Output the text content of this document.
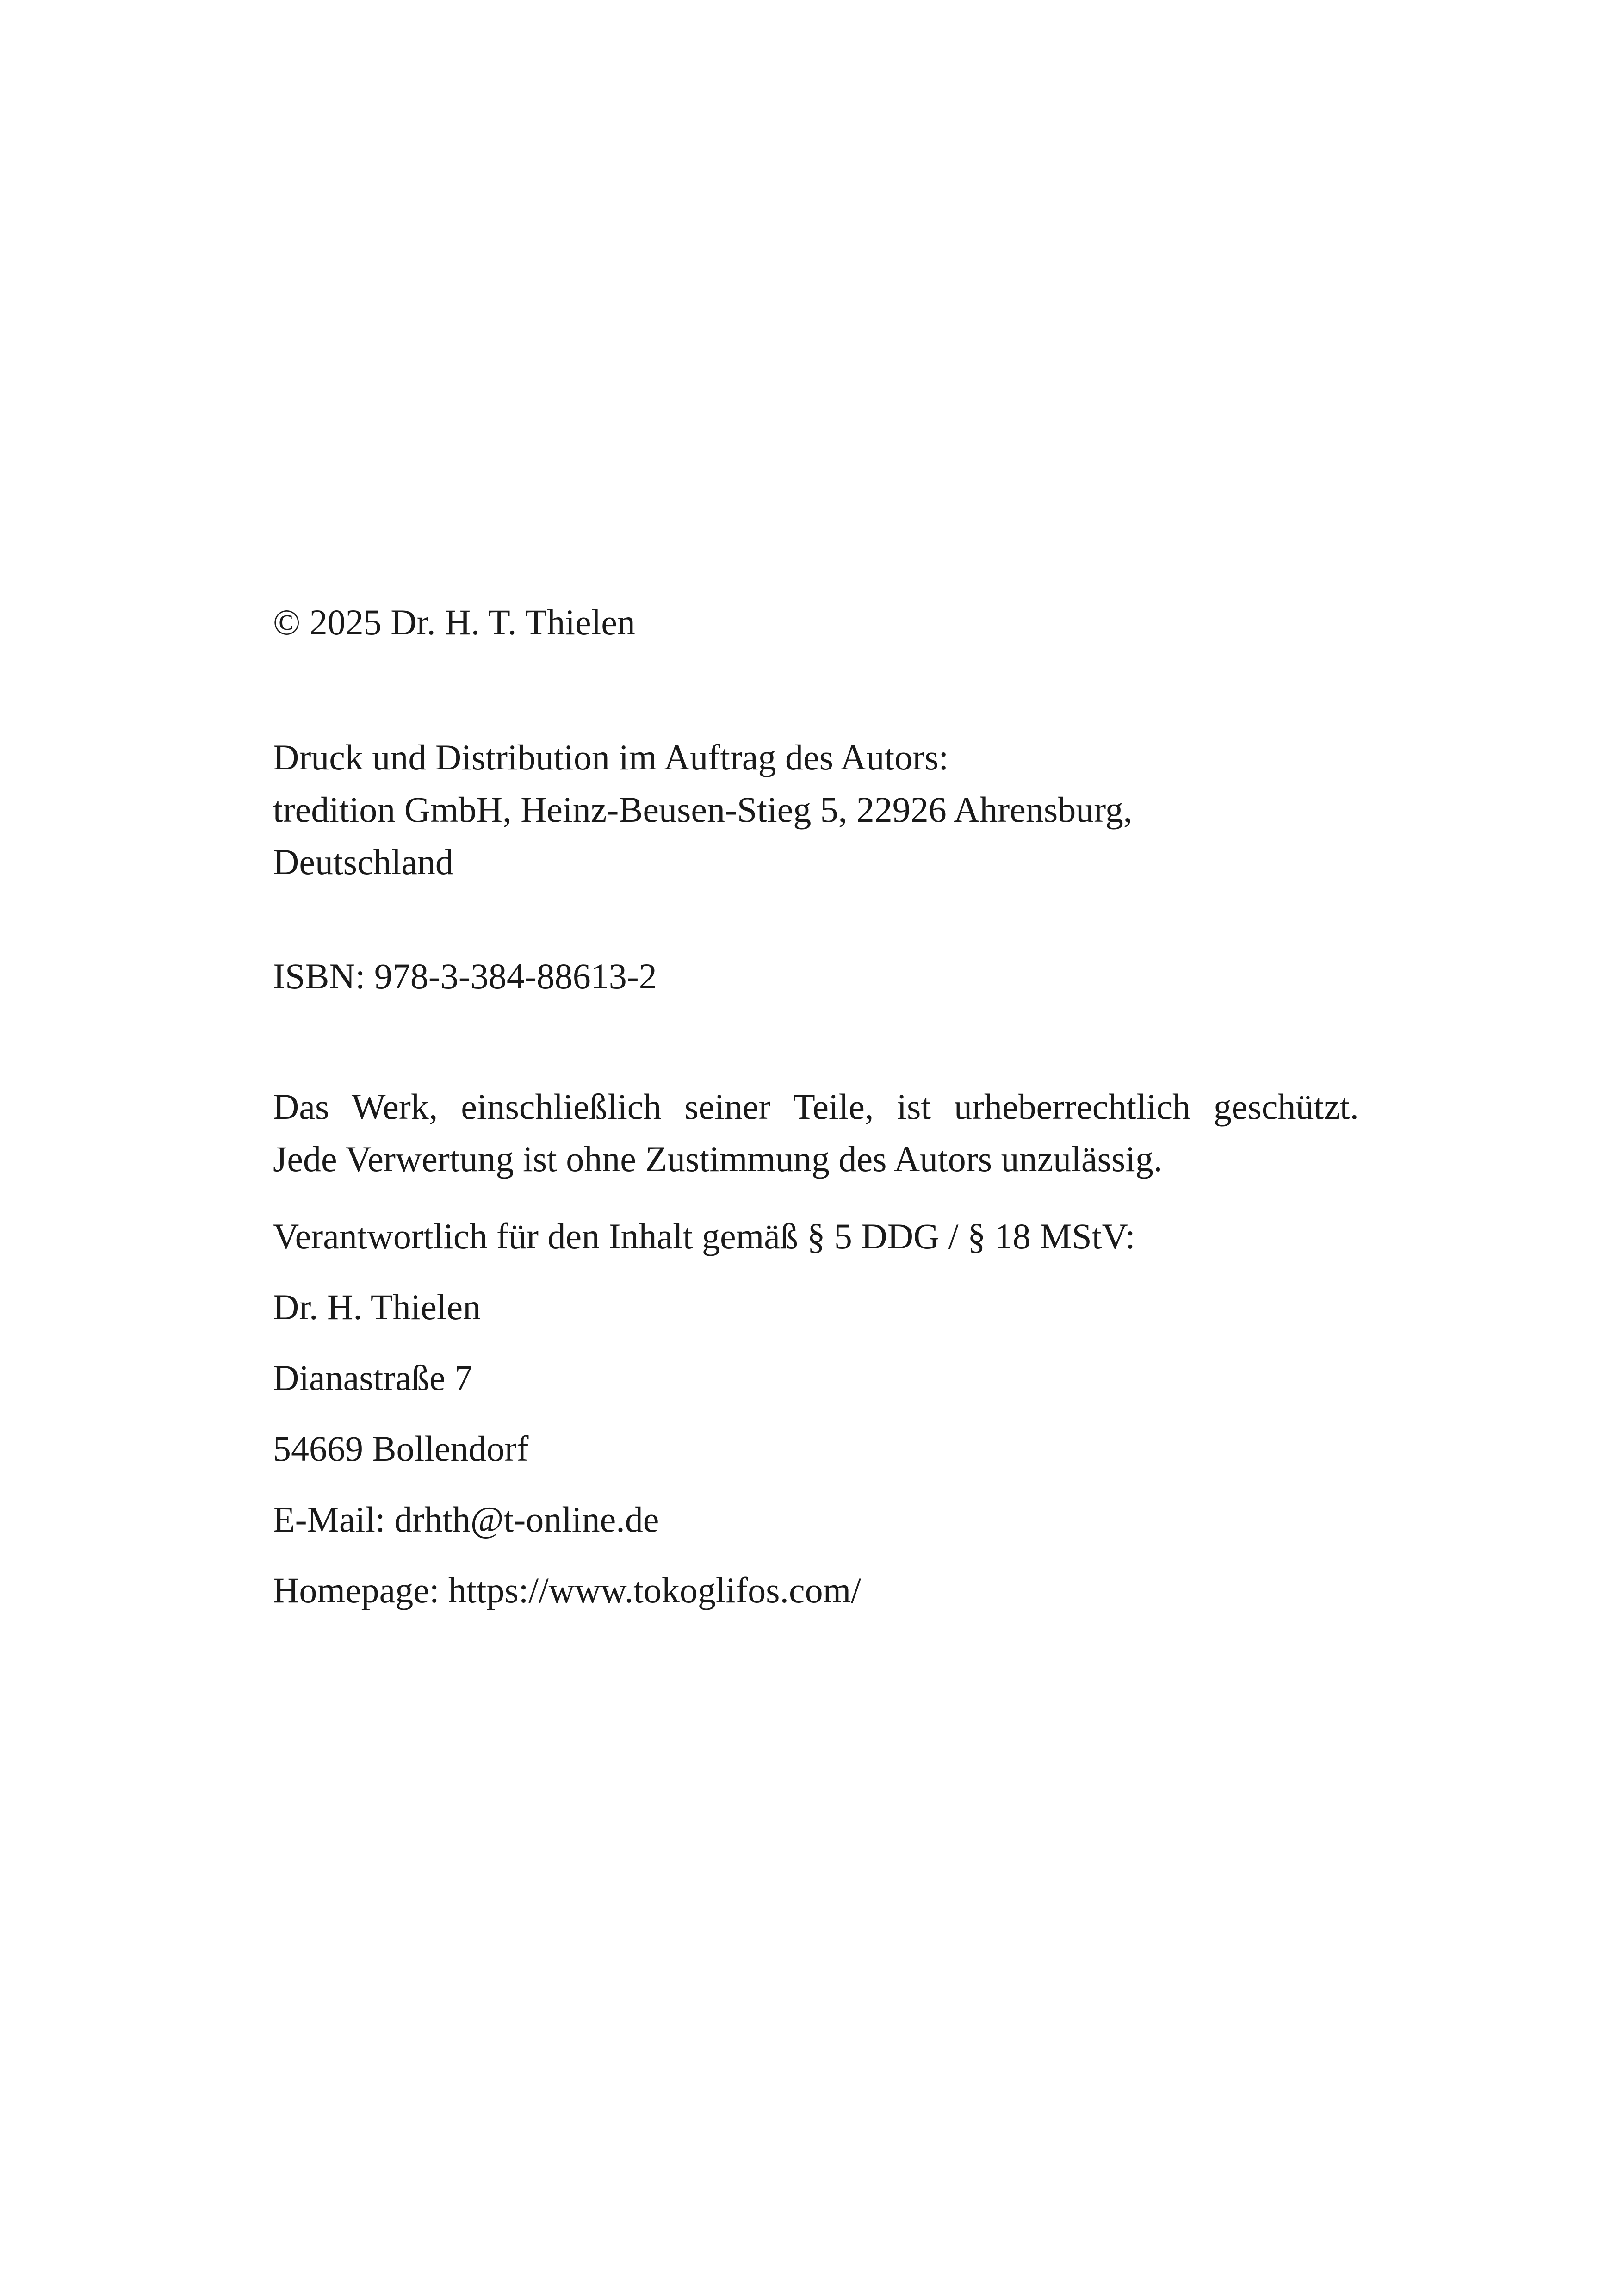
© 2025 Dr. H. T. Thielen

Druck und Distribution im Auftrag des Autors:
tredition GmbH, Heinz-Beusen-Stieg 5, 22926 Ahrensburg,
Deutschland

ISBN: 978-3-384-88613-2

Das Werk, einschließlich seiner Teile, ist urheberrechtlich geschützt.
Jede Verwertung ist ohne Zustimmung des Autors unzulässig.

Verantwortlich für den Inhalt gemäß § 5 DDG / § 18 MStV:
Dr. H. Thielen
Dianastraße 7
54669 Bollendorf
E-Mail: drhth@t-online.de
Homepage: https://www.tokoglifos.com/
